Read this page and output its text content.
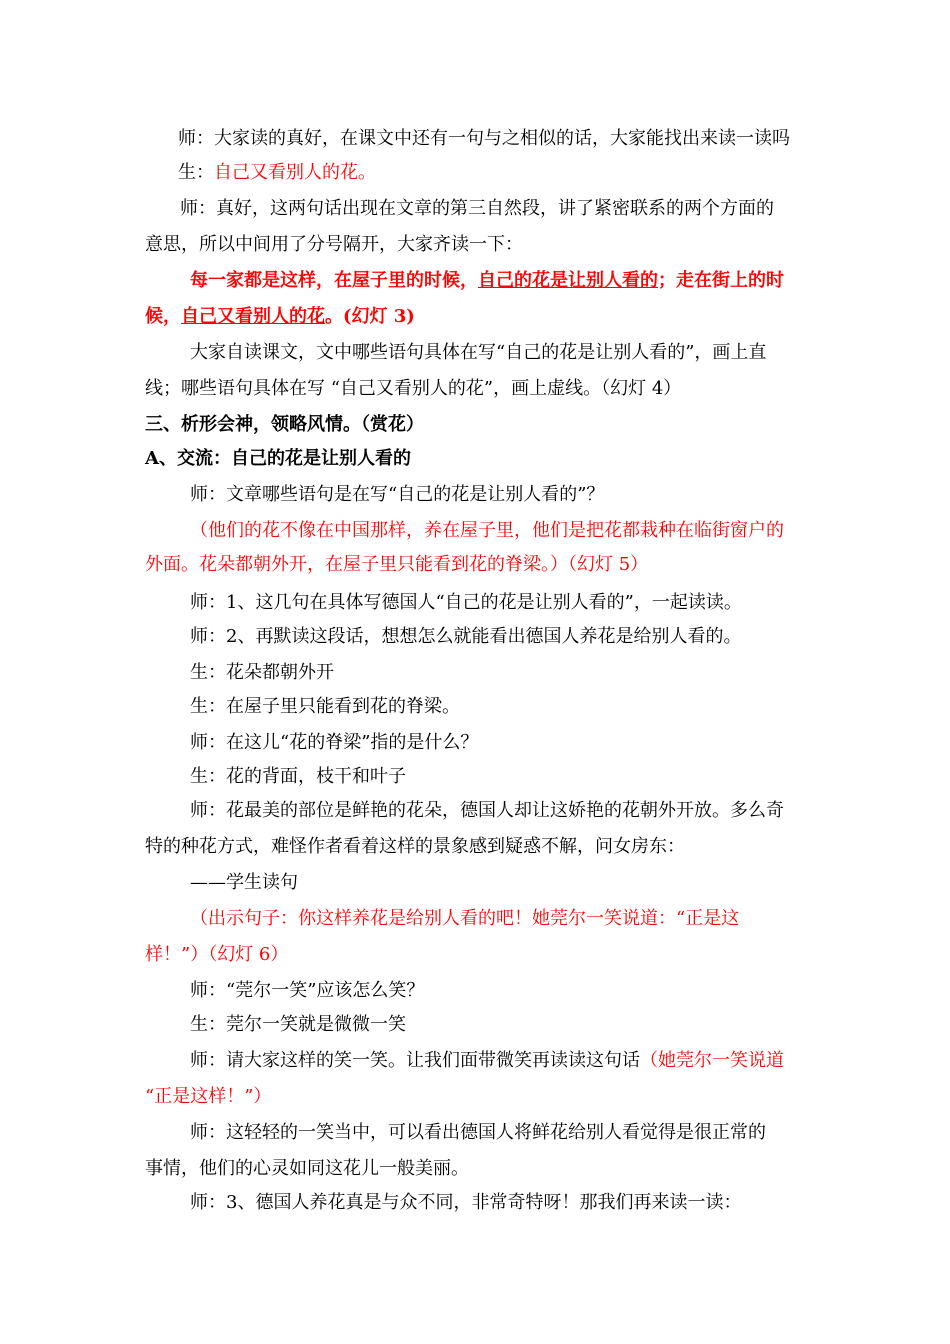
师：大家读的真好，在课文中还有一句与之相似的话，大家能找出来读一读吗
生：自己又看别人的花。
师：真好，这两句话出现在文章的第三自然段，讲了紧密联系的两个方面的
意思，所以中间用了分号隔开，大家齐读一下：
每一家都是这样，在屋子里的时候，自己的花是让别人看的；走在街上的时
候，自己又看别人的花。(幻灯 3)
大家自读课文，文中哪些语句具体在写“自己的花是让别人看的”，画上直
线；哪些语句具体在写 “自己又看别人的花”，画上虚线。（幻灯 4）
三、析形会神，领略风情。（赏花）
A、交流：自己的花是让别人看的
师：文章哪些语句是在写“自己的花是让别人看的”？
（他们的花不像在中国那样，养在屋子里，他们是把花都栽种在临街窗户的
外面。花朵都朝外开，在屋子里只能看到花的脊梁。）（幻灯 5）
师：1、这几句在具体写德国人“自己的花是让别人看的”，一起读读。
师：2、再默读这段话，想想怎么就能看出德国人养花是给别人看的。
生：花朵都朝外开
生：在屋子里只能看到花的脊梁。
师：在这儿“花的脊梁”指的是什么？
生：花的背面，枝干和叶子
师：花最美的部位是鲜艳的花朵，德国人却让这娇艳的花朝外开放。多么奇
特的种花方式，难怪作者看着这样的景象感到疑惑不解，问女房东：
——学生读句
（出示句子：你这样养花是给别人看的吧！她莞尔一笑说道：“正是这
样！”）（幻灯 6）
师：“莞尔一笑”应该怎么笑？
生：莞尔一笑就是微微一笑
师：请大家这样的笑一笑。让我们面带微笑再读读这句话（她莞尔一笑说道
“正是这样！”）
师：这轻轻的一笑当中，可以看出德国人将鲜花给别人看觉得是很正常的
事情，他们的心灵如同这花儿一般美丽。
师：3、德国人养花真是与众不同，非常奇特呀！那我们再来读一读：
